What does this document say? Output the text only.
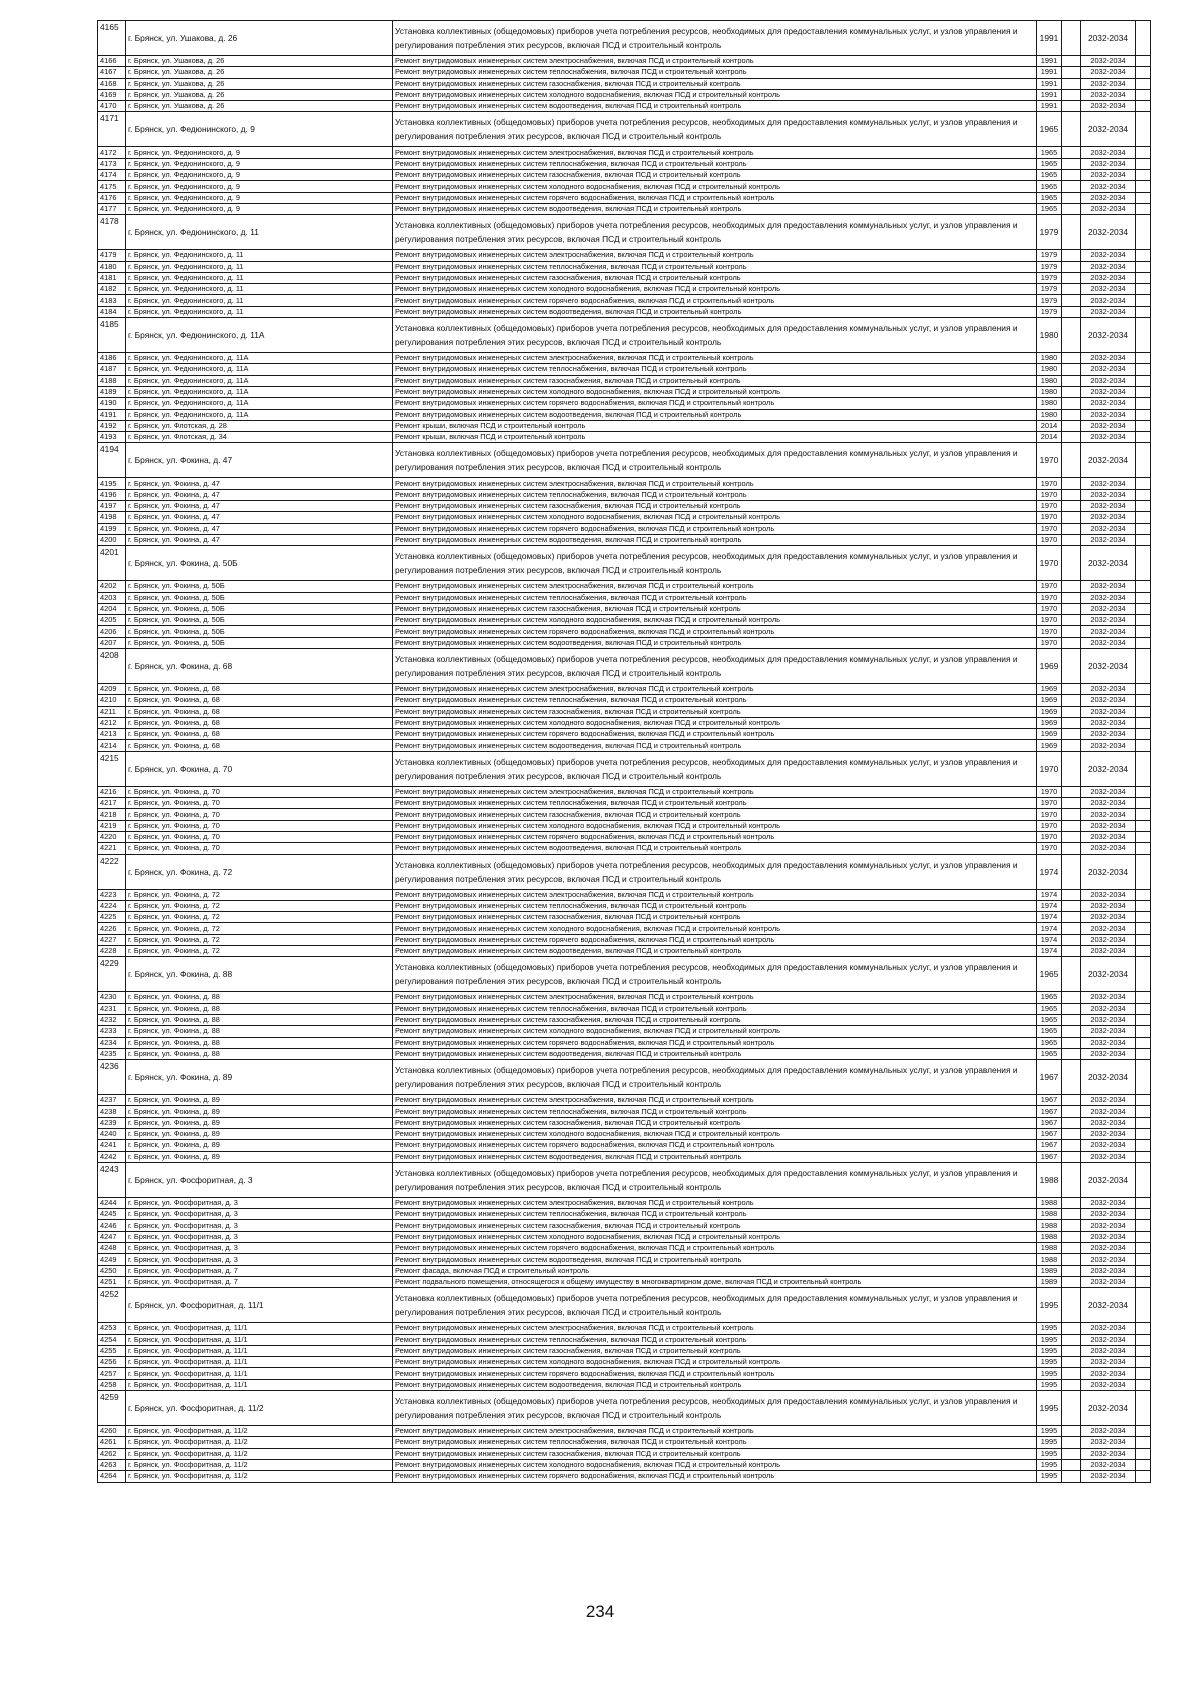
4165	г. Брянск, ул. Ушакова, д. 26	Установка коллективных (общедомовых) приборов учета потребления ресурсов, необходимых для предоставления коммунальных услуг, и узлов управления и регулирования потребления этих ресурсов, включая ПСД и строительный контроль	1991		2032-2034	
4166	г. Брянск, ул. Ушакова, д. 26	Ремонт внутридомовых инженерных систем электроснабжения, включая ПСД и строительный контроль	1991		2032-2034	
4167	г. Брянск, ул. Ушакова, д. 26	Ремонт внутридомовых инженерных систем теплоснабжения, включая ПСД и строительный контроль	1991		2032-2034	
4168	г. Брянск, ул. Ушакова, д. 26	Ремонт внутридомовых инженерных систем газоснабжения, включая ПСД и строительный контроль	1991		2032-2034	
4169	г. Брянск, ул. Ушакова, д. 26	Ремонт внутридомовых инженерных систем холодного водоснабжения, включая ПСД и строительный контроль	1991		2032-2034	
4170	г. Брянск, ул. Ушакова, д. 26	Ремонт внутридомовых инженерных систем водоотведения, включая ПСД и строительный контроль	1991		2032-2034	
4171	г. Брянск, ул. Федюнинского, д. 9	Установка коллективных (общедомовых) приборов учета потребления ресурсов, необходимых для предоставления коммунальных услуг, и узлов управления и регулирования потребления этих ресурсов, включая ПСД и строительный контроль	1965		2032-2034	
4172	г. Брянск, ул. Федюнинского, д. 9	Ремонт внутридомовых инженерных систем электроснабжения, включая ПСД и строительный контроль	1965		2032-2034	
4173	г. Брянск, ул. Федюнинского, д. 9	Ремонт внутридомовых инженерных систем теплоснабжения, включая ПСД и строительный контроль	1965		2032-2034	
4174	г. Брянск, ул. Федюнинского, д. 9	Ремонт внутридомовых инженерных систем газоснабжения, включая ПСД и строительный контроль	1965		2032-2034	
4175	г. Брянск, ул. Федюнинского, д. 9	Ремонт внутридомовых инженерных систем холодного водоснабжения, включая ПСД и строительный контроль	1965		2032-2034	
4176	г. Брянск, ул. Федюнинского, д. 9	Ремонт внутридомовых инженерных систем горячего водоснабжения, включая ПСД и строительный контроль	1965		2032-2034	
4177	г. Брянск, ул. Федюнинского, д. 9	Ремонт внутридомовых инженерных систем водоотведения, включая ПСД и строительный контроль	1965		2032-2034	
4178	г. Брянск, ул. Федюнинского, д. 11	Установка коллективных (общедомовых) приборов учета потребления ресурсов, необходимых для предоставления коммунальных услуг, и узлов управления и регулирования потребления этих ресурсов, включая ПСД и строительный контроль	1979		2032-2034	
4179	г. Брянск, ул. Федюнинского, д. 11	Ремонт внутридомовых инженерных систем электроснабжения, включая ПСД и строительный контроль	1979		2032-2034	
4180	г. Брянск, ул. Федюнинского, д. 11	Ремонт внутридомовых инженерных систем теплоснабжения, включая ПСД и строительный контроль	1979		2032-2034	
4181	г. Брянск, ул. Федюнинского, д. 11	Ремонт внутридомовых инженерных систем газоснабжения, включая ПСД и строительный контроль	1979		2032-2034	
4182	г. Брянск, ул. Федюнинского, д. 11	Ремонт внутридомовых инженерных систем холодного водоснабжения, включая ПСД и строительный контроль	1979		2032-2034	
4183	г. Брянск, ул. Федюнинского, д. 11	Ремонт внутридомовых инженерных систем горячего водоснабжения, включая ПСД и строительный контроль	1979		2032-2034	
4184	г. Брянск, ул. Федюнинского, д. 11	Ремонт внутридомовых инженерных систем водоотведения, включая ПСД и строительный контроль	1979		2032-2034	
4185	г. Брянск, ул. Федюнинского, д. 11А	Установка коллективных (общедомовых) приборов учета потребления ресурсов, необходимых для предоставления коммунальных услуг, и узлов управления и регулирования потребления этих ресурсов, включая ПСД и строительный контроль	1980		2032-2034	
4186	г. Брянск, ул. Федюнинского, д. 11А	Ремонт внутридомовых инженерных систем электроснабжения, включая ПСД и строительный контроль	1980		2032-2034	
4187	г. Брянск, ул. Федюнинского, д. 11А	Ремонт внутридомовых инженерных систем теплоснабжения, включая ПСД и строительный контроль	1980		2032-2034	
4188	г. Брянск, ул. Федюнинского, д. 11А	Ремонт внутридомовых инженерных систем газоснабжения, включая ПСД и строительный контроль	1980		2032-2034	
4189	г. Брянск, ул. Федюнинского, д. 11А	Ремонт внутридомовых инженерных систем холодного водоснабжения, включая ПСД и строительный контроль	1980		2032-2034	
4190	г. Брянск, ул. Федюнинского, д. 11А	Ремонт внутридомовых инженерных систем горячего водоснабжения, включая ПСД и строительный контроль	1980		2032-2034	
4191	г. Брянск, ул. Федюнинского, д. 11А	Ремонт внутридомовых инженерных систем водоотведения, включая ПСД и строительный контроль	1980		2032-2034	
4192	г. Брянск, ул. Флотская, д. 28	Ремонт крыши, включая ПСД и строительный контроль	2014		2032-2034	
4193	г. Брянск, ул. Флотская, д. 34	Ремонт крыши, включая ПСД и строительный контроль	2014		2032-2034	
4194	г. Брянск, ул. Фокина, д. 47	Установка коллективных (общедомовых) приборов учета потребления ресурсов, необходимых для предоставления коммунальных услуг, и узлов управления и регулирования потребления этих ресурсов, включая ПСД и строительный контроль	1970		2032-2034	
4195	г. Брянск, ул. Фокина, д. 47	Ремонт внутридомовых инженерных систем электроснабжения, включая ПСД и строительный контроль	1970		2032-2034	
4196	г. Брянск, ул. Фокина, д. 47	Ремонт внутридомовых инженерных систем теплоснабжения, включая ПСД и строительный контроль	1970		2032-2034	
4197	г. Брянск, ул. Фокина, д. 47	Ремонт внутридомовых инженерных систем газоснабжения, включая ПСД и строительный контроль	1970		2032-2034	
4198	г. Брянск, ул. Фокина, д. 47	Ремонт внутридомовых инженерных систем холодного водоснабжения, включая ПСД и строительный контроль	1970		2032-2034	
4199	г. Брянск, ул. Фокина, д. 47	Ремонт внутридомовых инженерных систем горячего водоснабжения, включая ПСД и строительный контроль	1970		2032-2034	
4200	г. Брянск, ул. Фокина, д. 47	Ремонт внутридомовых инженерных систем водоотведения, включая ПСД и строительный контроль	1970		2032-2034	
4201	г. Брянск, ул. Фокина, д. 50Б	Установка коллективных (общедомовых) приборов учета потребления ресурсов, необходимых для предоставления коммунальных услуг, и узлов управления и регулирования потребления этих ресурсов, включая ПСД и строительный контроль	1970		2032-2034	
4202	г. Брянск, ул. Фокина, д. 50Б	Ремонт внутридомовых инженерных систем электроснабжения, включая ПСД и строительный контроль	1970		2032-2034	
4203	г. Брянск, ул. Фокина, д. 50Б	Ремонт внутридомовых инженерных систем теплоснабжения, включая ПСД и строительный контроль	1970		2032-2034	
4204	г. Брянск, ул. Фокина, д. 50Б	Ремонт внутридомовых инженерных систем газоснабжения, включая ПСД и строительный контроль	1970		2032-2034	
4205	г. Брянск, ул. Фокина, д. 50Б	Ремонт внутридомовых инженерных систем холодного водоснабжения, включая ПСД и строительный контроль	1970		2032-2034	
4206	г. Брянск, ул. Фокина, д. 50Б	Ремонт внутридомовых инженерных систем горячего водоснабжения, включая ПСД и строительный контроль	1970		2032-2034	
4207	г. Брянск, ул. Фокина, д. 50Б	Ремонт внутридомовых инженерных систем водоотведения, включая ПСД и строительный контроль	1970		2032-2034	
4208	г. Брянск, ул. Фокина, д. 68	Установка коллективных (общедомовых) приборов учета потребления ресурсов, необходимых для предоставления коммунальных услуг, и узлов управления и регулирования потребления этих ресурсов, включая ПСД и строительный контроль	1969		2032-2034	
4209	г. Брянск, ул. Фокина, д. 68	Ремонт внутридомовых инженерных систем электроснабжения, включая ПСД и строительный контроль	1969		2032-2034	
4210	г. Брянск, ул. Фокина, д. 68	Ремонт внутридомовых инженерных систем теплоснабжения, включая ПСД и строительный контроль	1969		2032-2034	
4211	г. Брянск, ул. Фокина, д. 68	Ремонт внутридомовых инженерных систем газоснабжения, включая ПСД и строительный контроль	1969		2032-2034	
4212	г. Брянск, ул. Фокина, д. 68	Ремонт внутридомовых инженерных систем холодного водоснабжения, включая ПСД и строительный контроль	1969		2032-2034	
4213	г. Брянск, ул. Фокина, д. 68	Ремонт внутридомовых инженерных систем горячего водоснабжения, включая ПСД и строительный контроль	1969		2032-2034	
4214	г. Брянск, ул. Фокина, д. 68	Ремонт внутридомовых инженерных систем водоотведения, включая ПСД и строительный контроль	1969		2032-2034	
4215	г. Брянск, ул. Фокина, д. 70	Установка коллективных (общедомовых) приборов учета потребления ресурсов, необходимых для предоставления коммунальных услуг, и узлов управления и регулирования потребления этих ресурсов, включая ПСД и строительный контроль	1970		2032-2034	
4216	г. Брянск, ул. Фокина, д. 70	Ремонт внутридомовых инженерных систем электроснабжения, включая ПСД и строительный контроль	1970		2032-2034	
4217	г. Брянск, ул. Фокина, д. 70	Ремонт внутридомовых инженерных систем теплоснабжения, включая ПСД и строительный контроль	1970		2032-2034	
4218	г. Брянск, ул. Фокина, д. 70	Ремонт внутридомовых инженерных систем газоснабжения, включая ПСД и строительный контроль	1970		2032-2034	
4219	г. Брянск, ул. Фокина, д. 70	Ремонт внутридомовых инженерных систем холодного водоснабжения, включая ПСД и строительный контроль	1970		2032-2034	
4220	г. Брянск, ул. Фокина, д. 70	Ремонт внутридомовых инженерных систем горячего водоснабжения, включая ПСД и строительный контроль	1970		2032-2034	
4221	г. Брянск, ул. Фокина, д. 70	Ремонт внутридомовых инженерных систем водоотведения, включая ПСД и строительный контроль	1970		2032-2034	
4222	г. Брянск, ул. Фокина, д. 72	Установка коллективных (общедомовых) приборов учета потребления ресурсов, необходимых для предоставления коммунальных услуг, и узлов управления и регулирования потребления этих ресурсов, включая ПСД и строительный контроль	1974		2032-2034	
4223	г. Брянск, ул. Фокина, д. 72	Ремонт внутридомовых инженерных систем электроснабжения, включая ПСД и строительный контроль	1974		2032-2034	
4224	г. Брянск, ул. Фокина, д. 72	Ремонт внутридомовых инженерных систем теплоснабжения, включая ПСД и строительный контроль	1974		2032-2034	
4225	г. Брянск, ул. Фокина, д. 72	Ремонт внутридомовых инженерных систем газоснабжения, включая ПСД и строительный контроль	1974		2032-2034	
4226	г. Брянск, ул. Фокина, д. 72	Ремонт внутридомовых инженерных систем холодного водоснабжения, включая ПСД и строительный контроль	1974		2032-2034	
4227	г. Брянск, ул. Фокина, д. 72	Ремонт внутридомовых инженерных систем горячего водоснабжения, включая ПСД и строительный контроль	1974		2032-2034	
4228	г. Брянск, ул. Фокина, д. 72	Ремонт внутридомовых инженерных систем водоотведения, включая ПСД и строительный контроль	1974		2032-2034	
4229	г. Брянск, ул. Фокина, д. 88	Установка коллективных (общедомовых) приборов учета потребления ресурсов, необходимых для предоставления коммунальных услуг, и узлов управления и регулирования потребления этих ресурсов, включая ПСД и строительный контроль	1965		2032-2034	
4230	г. Брянск, ул. Фокина, д. 88	Ремонт внутридомовых инженерных систем электроснабжения, включая ПСД и строительный контроль	1965		2032-2034	
4231	г. Брянск, ул. Фокина, д. 88	Ремонт внутридомовых инженерных систем теплоснабжения, включая ПСД и строительный контроль	1965		2032-2034	
4232	г. Брянск, ул. Фокина, д. 88	Ремонт внутридомовых инженерных систем газоснабжения, включая ПСД и строительный контроль	1965		2032-2034	
4233	г. Брянск, ул. Фокина, д. 88	Ремонт внутридомовых инженерных систем холодного водоснабжения, включая ПСД и строительный контроль	1965		2032-2034	
4234	г. Брянск, ул. Фокина, д. 88	Ремонт внутридомовых инженерных систем горячего водоснабжения, включая ПСД и строительный контроль	1965		2032-2034	
4235	г. Брянск, ул. Фокина, д. 88	Ремонт внутридомовых инженерных систем водоотведения, включая ПСД и строительный контроль	1965		2032-2034	
4236	г. Брянск, ул. Фокина, д. 89	Установка коллективных (общедомовых) приборов учета потребления ресурсов, необходимых для предоставления коммунальных услуг, и узлов управления и регулирования потребления этих ресурсов, включая ПСД и строительный контроль	1967		2032-2034	
4237	г. Брянск, ул. Фокина, д. 89	Ремонт внутридомовых инженерных систем электроснабжения, включая ПСД и строительный контроль	1967		2032-2034	
4238	г. Брянск, ул. Фокина, д. 89	Ремонт внутридомовых инженерных систем теплоснабжения, включая ПСД и строительный контроль	1967		2032-2034	
4239	г. Брянск, ул. Фокина, д. 89	Ремонт внутридомовых инженерных систем газоснабжения, включая ПСД и строительный контроль	1967		2032-2034	
4240	г. Брянск, ул. Фокина, д. 89	Ремонт внутридомовых инженерных систем холодного водоснабжения, включая ПСД и строительный контроль	1967		2032-2034	
4241	г. Брянск, ул. Фокина, д. 89	Ремонт внутридомовых инженерных систем горячего водоснабжения, включая ПСД и строительный контроль	1967		2032-2034	
4242	г. Брянск, ул. Фокина, д. 89	Ремонт внутридомовых инженерных систем водоотведения, включая ПСД и строительный контроль	1967		2032-2034	
4243	г. Брянск, ул. Фосфоритная, д. 3	Установка коллективных (общедомовых) приборов учета потребления ресурсов, необходимых для предоставления коммунальных услуг, и узлов управления и регулирования потребления этих ресурсов, включая ПСД и строительный контроль	1988		2032-2034	
4244	г. Брянск, ул. Фосфоритная, д. 3	Ремонт внутридомовых инженерных систем электроснабжения, включая ПСД и строительный контроль	1988		2032-2034	
4245	г. Брянск, ул. Фосфоритная, д. 3	Ремонт внутридомовых инженерных систем теплоснабжения, включая ПСД и строительный контроль	1988		2032-2034	
4246	г. Брянск, ул. Фосфоритная, д. 3	Ремонт внутридомовых инженерных систем газоснабжения, включая ПСД и строительный контроль	1988		2032-2034	
4247	г. Брянск, ул. Фосфоритная, д. 3	Ремонт внутридомовых инженерных систем холодного водоснабжения, включая ПСД и строительный контроль	1988		2032-2034	
4248	г. Брянск, ул. Фосфоритная, д. 3	Ремонт внутридомовых инженерных систем горячего водоснабжения, включая ПСД и строительный контроль	1988		2032-2034	
4249	г. Брянск, ул. Фосфоритная, д. 3	Ремонт внутридомовых инженерных систем водоотведения, включая ПСД и строительный контроль	1988		2032-2034	
4250	г. Брянск, ул. Фосфоритная, д. 7	Ремонт фасада, включая ПСД и строительный контроль	1989		2032-2034	
4251	г. Брянск, ул. Фосфоритная, д. 7	Ремонт подвального помещения, относящегося к общему имуществу в многоквартирном доме, включая ПСД и строительный контроль	1989		2032-2034	
4252	г. Брянск, ул. Фосфоритная, д. 11/1	Установка коллективных (общедомовых) приборов учета потребления ресурсов, необходимых для предоставления коммунальных услуг, и узлов управления и регулирования потребления этих ресурсов, включая ПСД и строительный контроль	1995		2032-2034	
4253	г. Брянск, ул. Фосфоритная, д. 11/1	Ремонт внутридомовых инженерных систем электроснабжения, включая ПСД и строительный контроль	1995		2032-2034	
4254	г. Брянск, ул. Фосфоритная, д. 11/1	Ремонт внутридомовых инженерных систем теплоснабжения, включая ПСД и строительный контроль	1995		2032-2034	
4255	г. Брянск, ул. Фосфоритная, д. 11/1	Ремонт внутридомовых инженерных систем газоснабжения, включая ПСД и строительный контроль	1995		2032-2034	
4256	г. Брянск, ул. Фосфоритная, д. 11/1	Ремонт внутридомовых инженерных систем холодного водоснабжения, включая ПСД и строительный контроль	1995		2032-2034	
4257	г. Брянск, ул. Фосфоритная, д. 11/1	Ремонт внутридомовых инженерных систем горячего водоснабжения, включая ПСД и строительный контроль	1995		2032-2034	
4258	г. Брянск, ул. Фосфоритная, д. 11/1	Ремонт внутридомовых инженерных систем водоотведения, включая ПСД и строительный контроль	1995		2032-2034	
4259	г. Брянск, ул. Фосфоритная, д. 11/2	Установка коллективных (общедомовых) приборов учета потребления ресурсов, необходимых для предоставления коммунальных услуг, и узлов управления и регулирования потребления этих ресурсов, включая ПСД и строительный контроль	1995		2032-2034	
4260	г. Брянск, ул. Фосфоритная, д. 11/2	Ремонт внутридомовых инженерных систем электроснабжения, включая ПСД и строительный контроль	1995		2032-2034	
4261	г. Брянск, ул. Фосфоритная, д. 11/2	Ремонт внутридомовых инженерных систем теплоснабжения, включая ПСД и строительный контроль	1995		2032-2034	
4262	г. Брянск, ул. Фосфоритная, д. 11/2	Ремонт внутридомовых инженерных систем газоснабжения, включая ПСД и строительный контроль	1995		2032-2034	
4263	г. Брянск, ул. Фосфоритная, д. 11/2	Ремонт внутридомовых инженерных систем холодного водоснабжения, включая ПСД и строительный контроль	1995		2032-2034	
4264	г. Брянск, ул. Фосфоритная, д. 11/2	Ремонт внутридомовых инженерных систем горячего водоснабжения, включая ПСД и строительный контроль	1995		2032-2034	
234
